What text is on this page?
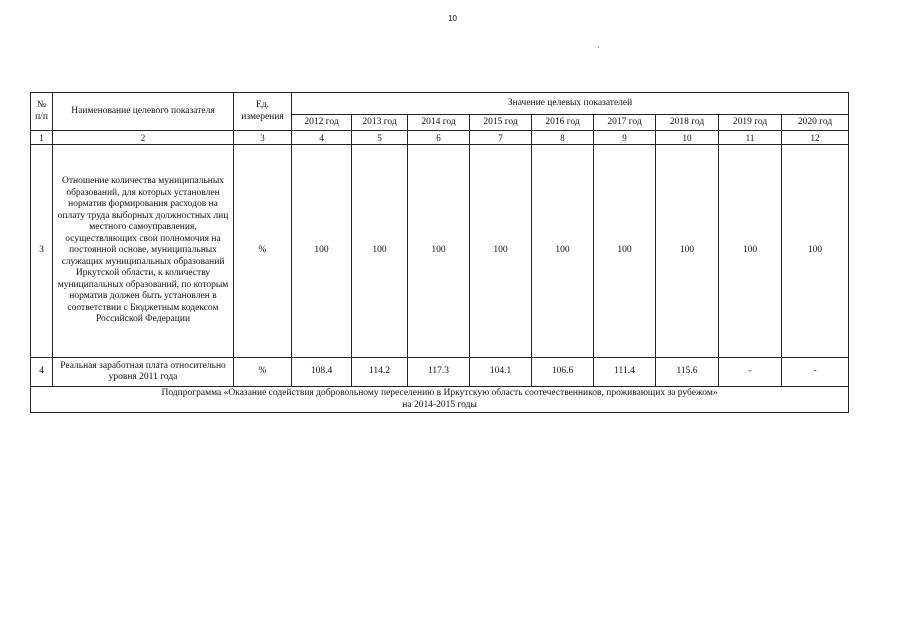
10
№ п/п	Наименование целевого показателя	Ед. измерения	Значение целевых показателей								
			2012 год	2013 год	2014 год	2015 год	2016 год	2017 год	2018 год	2019 год	2020 год
1	2	3	4	5	6	7	8	9	10	11	12
3	Отношение количества муниципальных образований, для которых установлен норматив формирования расходов на оплату труда выборных должностных лиц местного самоуправления, осуществляющих свои полномочия на постоянной основе, муниципальных служащих муниципальных образований Иркутской области, к количеству муниципальных образований, по которым норматив должен быть установлен в соответствии с Бюджетным кодексом Российской Федерации	%	100	100	100	100	100	100	100	100	100
4	Реальная заработная плата относительно уровня 2011 года	%	108.4	114.2	117.3	104.1	106.6	111.4	115.6	-	-

Подпрограмма «Оказание содействия добровольному переселению в Иркутскую область соотечественников, проживающих за рубежом»
на 2014-2015 годы											
